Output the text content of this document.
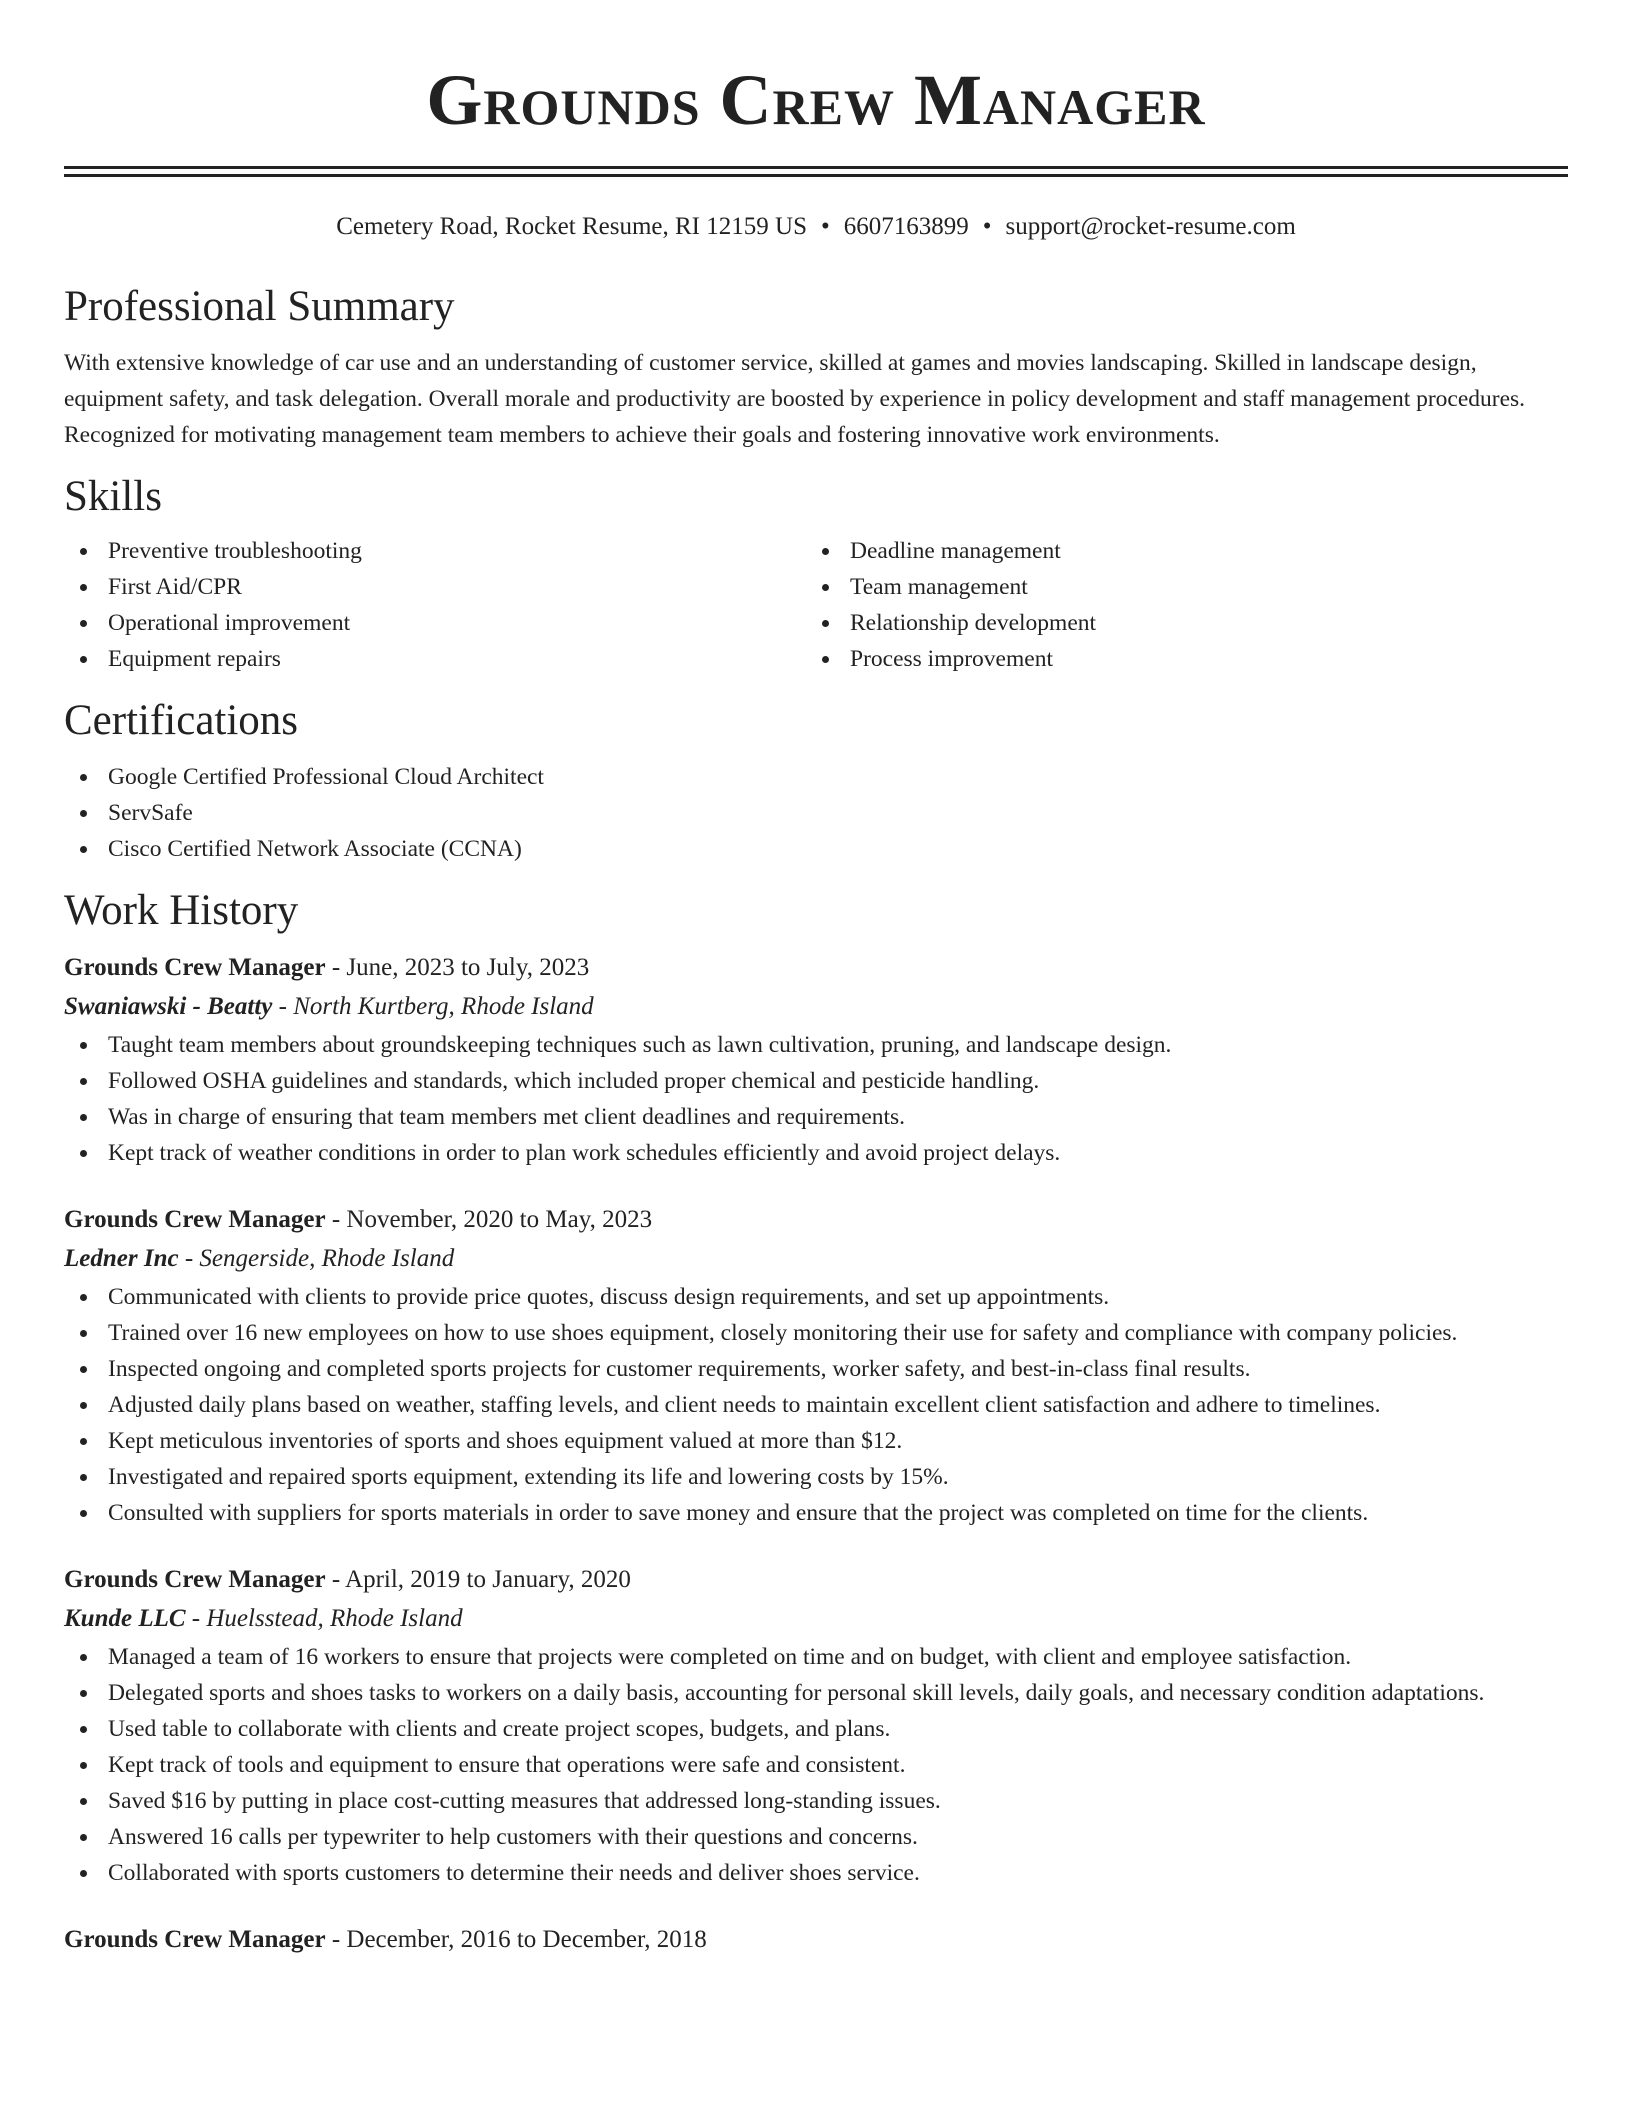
Grounds Crew Manager
Cemetery Road, Rocket Resume, RI 12159 US • 6607163899 • support@rocket-resume.com
Professional Summary

With extensive knowledge of car use and an understanding of customer service, skilled at games and movies landscaping. Skilled in landscape design, equipment safety, and task delegation. Overall morale and productivity are boosted by experience in policy development and staff management procedures. Recognized for motivating management team members to achieve their goals and fostering innovative work environments.

Skills
Preventive troubleshooting
First Aid/CPR
Operational improvement
Equipment repairs
Deadline management
Team management
Relationship development
Process improvement
Certifications
Google Certified Professional Cloud Architect
ServSafe
Cisco Certified Network Associate (CCNA)
Work History
Grounds Crew Manager - June, 2023 to July, 2023
Swaniawski - Beatty - North Kurtberg, Rhode Island
Taught team members about groundskeeping techniques such as lawn cultivation, pruning, and landscape design.
Followed OSHA guidelines and standards, which included proper chemical and pesticide handling.
Was in charge of ensuring that team members met client deadlines and requirements.
Kept track of weather conditions in order to plan work schedules efficiently and avoid project delays.
Grounds Crew Manager - November, 2020 to May, 2023
Ledner Inc - Sengerside, Rhode Island
Communicated with clients to provide price quotes, discuss design requirements, and set up appointments.
Trained over 16 new employees on how to use shoes equipment, closely monitoring their use for safety and compliance with company policies.
Inspected ongoing and completed sports projects for customer requirements, worker safety, and best-in-class final results.
Adjusted daily plans based on weather, staffing levels, and client needs to maintain excellent client satisfaction and adhere to timelines.
Kept meticulous inventories of sports and shoes equipment valued at more than $12.
Investigated and repaired sports equipment, extending its life and lowering costs by 15%.
Consulted with suppliers for sports materials in order to save money and ensure that the project was completed on time for the clients.
Grounds Crew Manager - April, 2019 to January, 2020
Kunde LLC - Huelsstead, Rhode Island
Managed a team of 16 workers to ensure that projects were completed on time and on budget, with client and employee satisfaction.
Delegated sports and shoes tasks to workers on a daily basis, accounting for personal skill levels, daily goals, and necessary condition adaptations.
Used table to collaborate with clients and create project scopes, budgets, and plans.
Kept track of tools and equipment to ensure that operations were safe and consistent.
Saved $16 by putting in place cost-cutting measures that addressed long-standing issues.
Answered 16 calls per typewriter to help customers with their questions and concerns.
Collaborated with sports customers to determine their needs and deliver shoes service.
Grounds Crew Manager - December, 2016 to December, 2018
